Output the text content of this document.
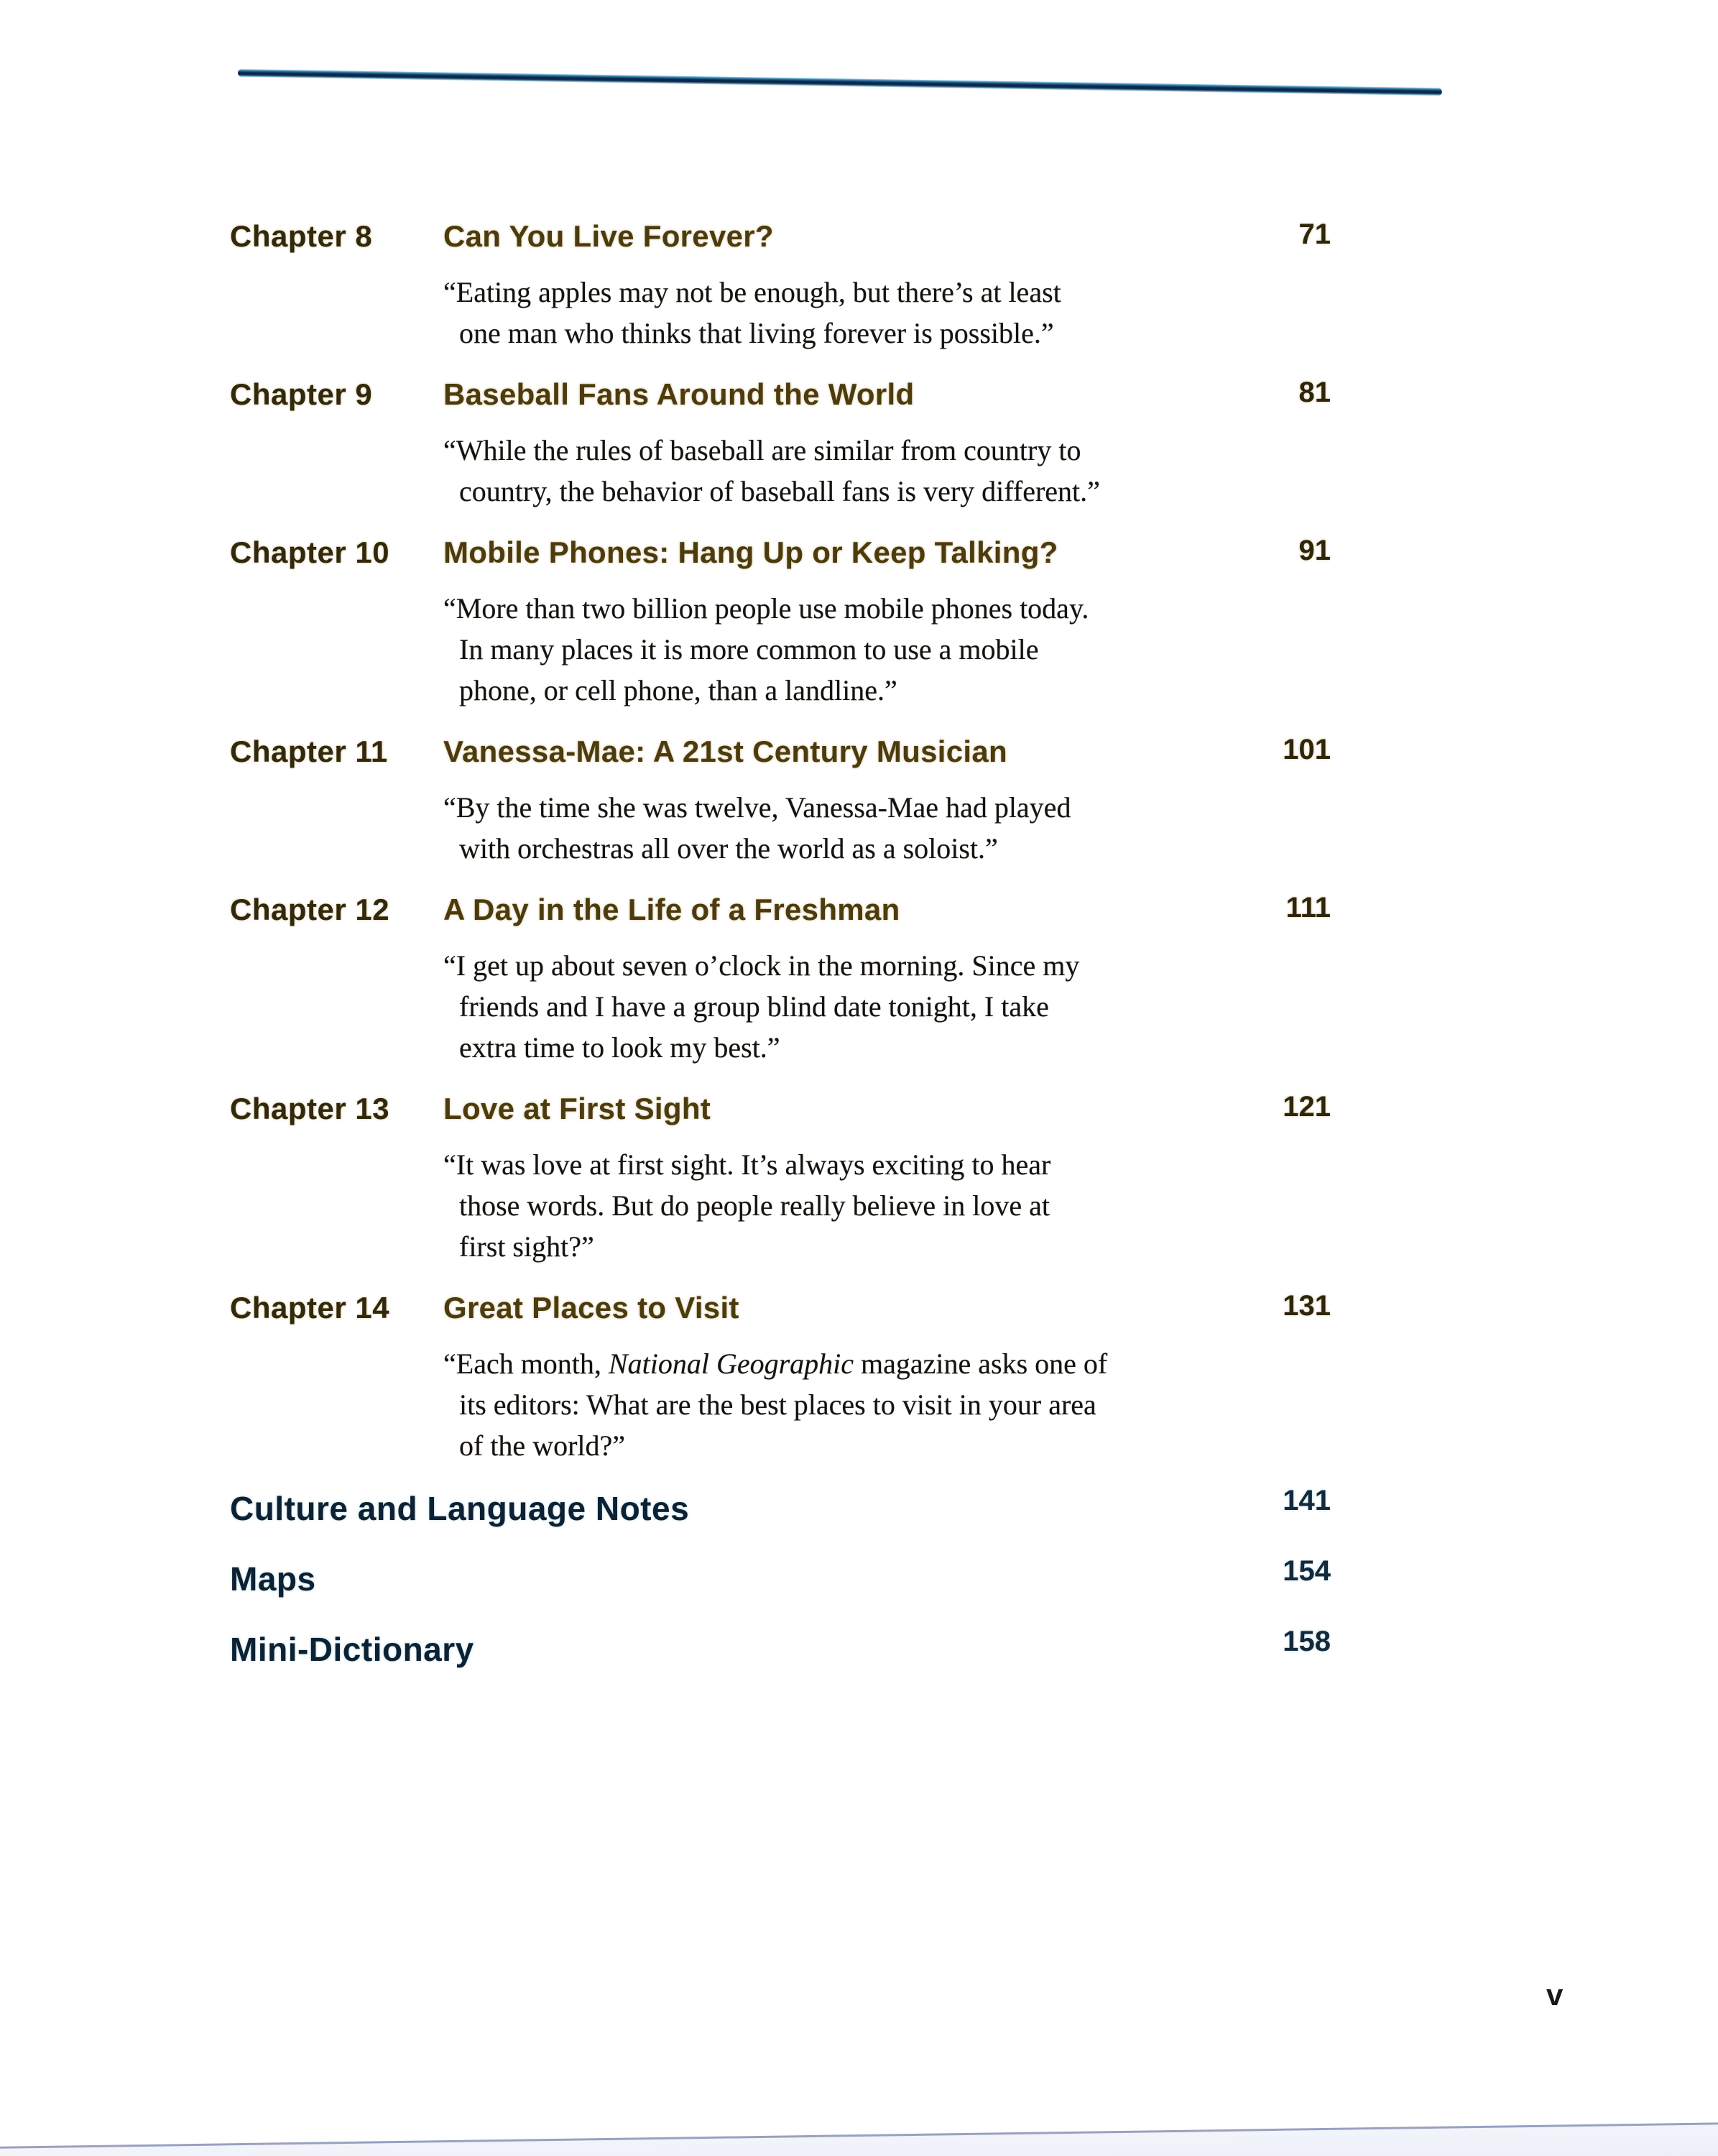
Chapter 8	Can You Live Forever?	71

“Eating apples may not be enough, but there’s at least
one man who thinks that living forever is possible.”

Chapter 9	Baseball Fans Around the World	81

“While the rules of baseball are similar from country to
country, the behavior of baseball fans is very different.”

Chapter 10	Mobile Phones: Hang Up or Keep Talking?	91

“More than two billion people use mobile phones today.
In many places it is more common to use a mobile
phone, or cell phone, than a landline.”

Chapter 11	Vanessa-Mae: A 21st Century Musician	101

“By the time she was twelve, Vanessa-Mae had played
with orchestras all over the world as a soloist.”

Chapter 12	A Day in the Life of a Freshman	111

“I get up about seven o’clock in the morning. Since my
friends and I have a group blind date tonight, I take
extra time to look my best.”

Chapter 13	Love at First Sight	121

“It was love at first sight. It’s always exciting to hear
those words. But do people really believe in love at
first sight?”

Chapter 14	Great Places to Visit	131

“Each month, National Geographic magazine asks one of
its editors: What are the best places to visit in your area
of the world?”

Culture and Language Notes	141
Maps	154
Mini-Dictionary	158
v
